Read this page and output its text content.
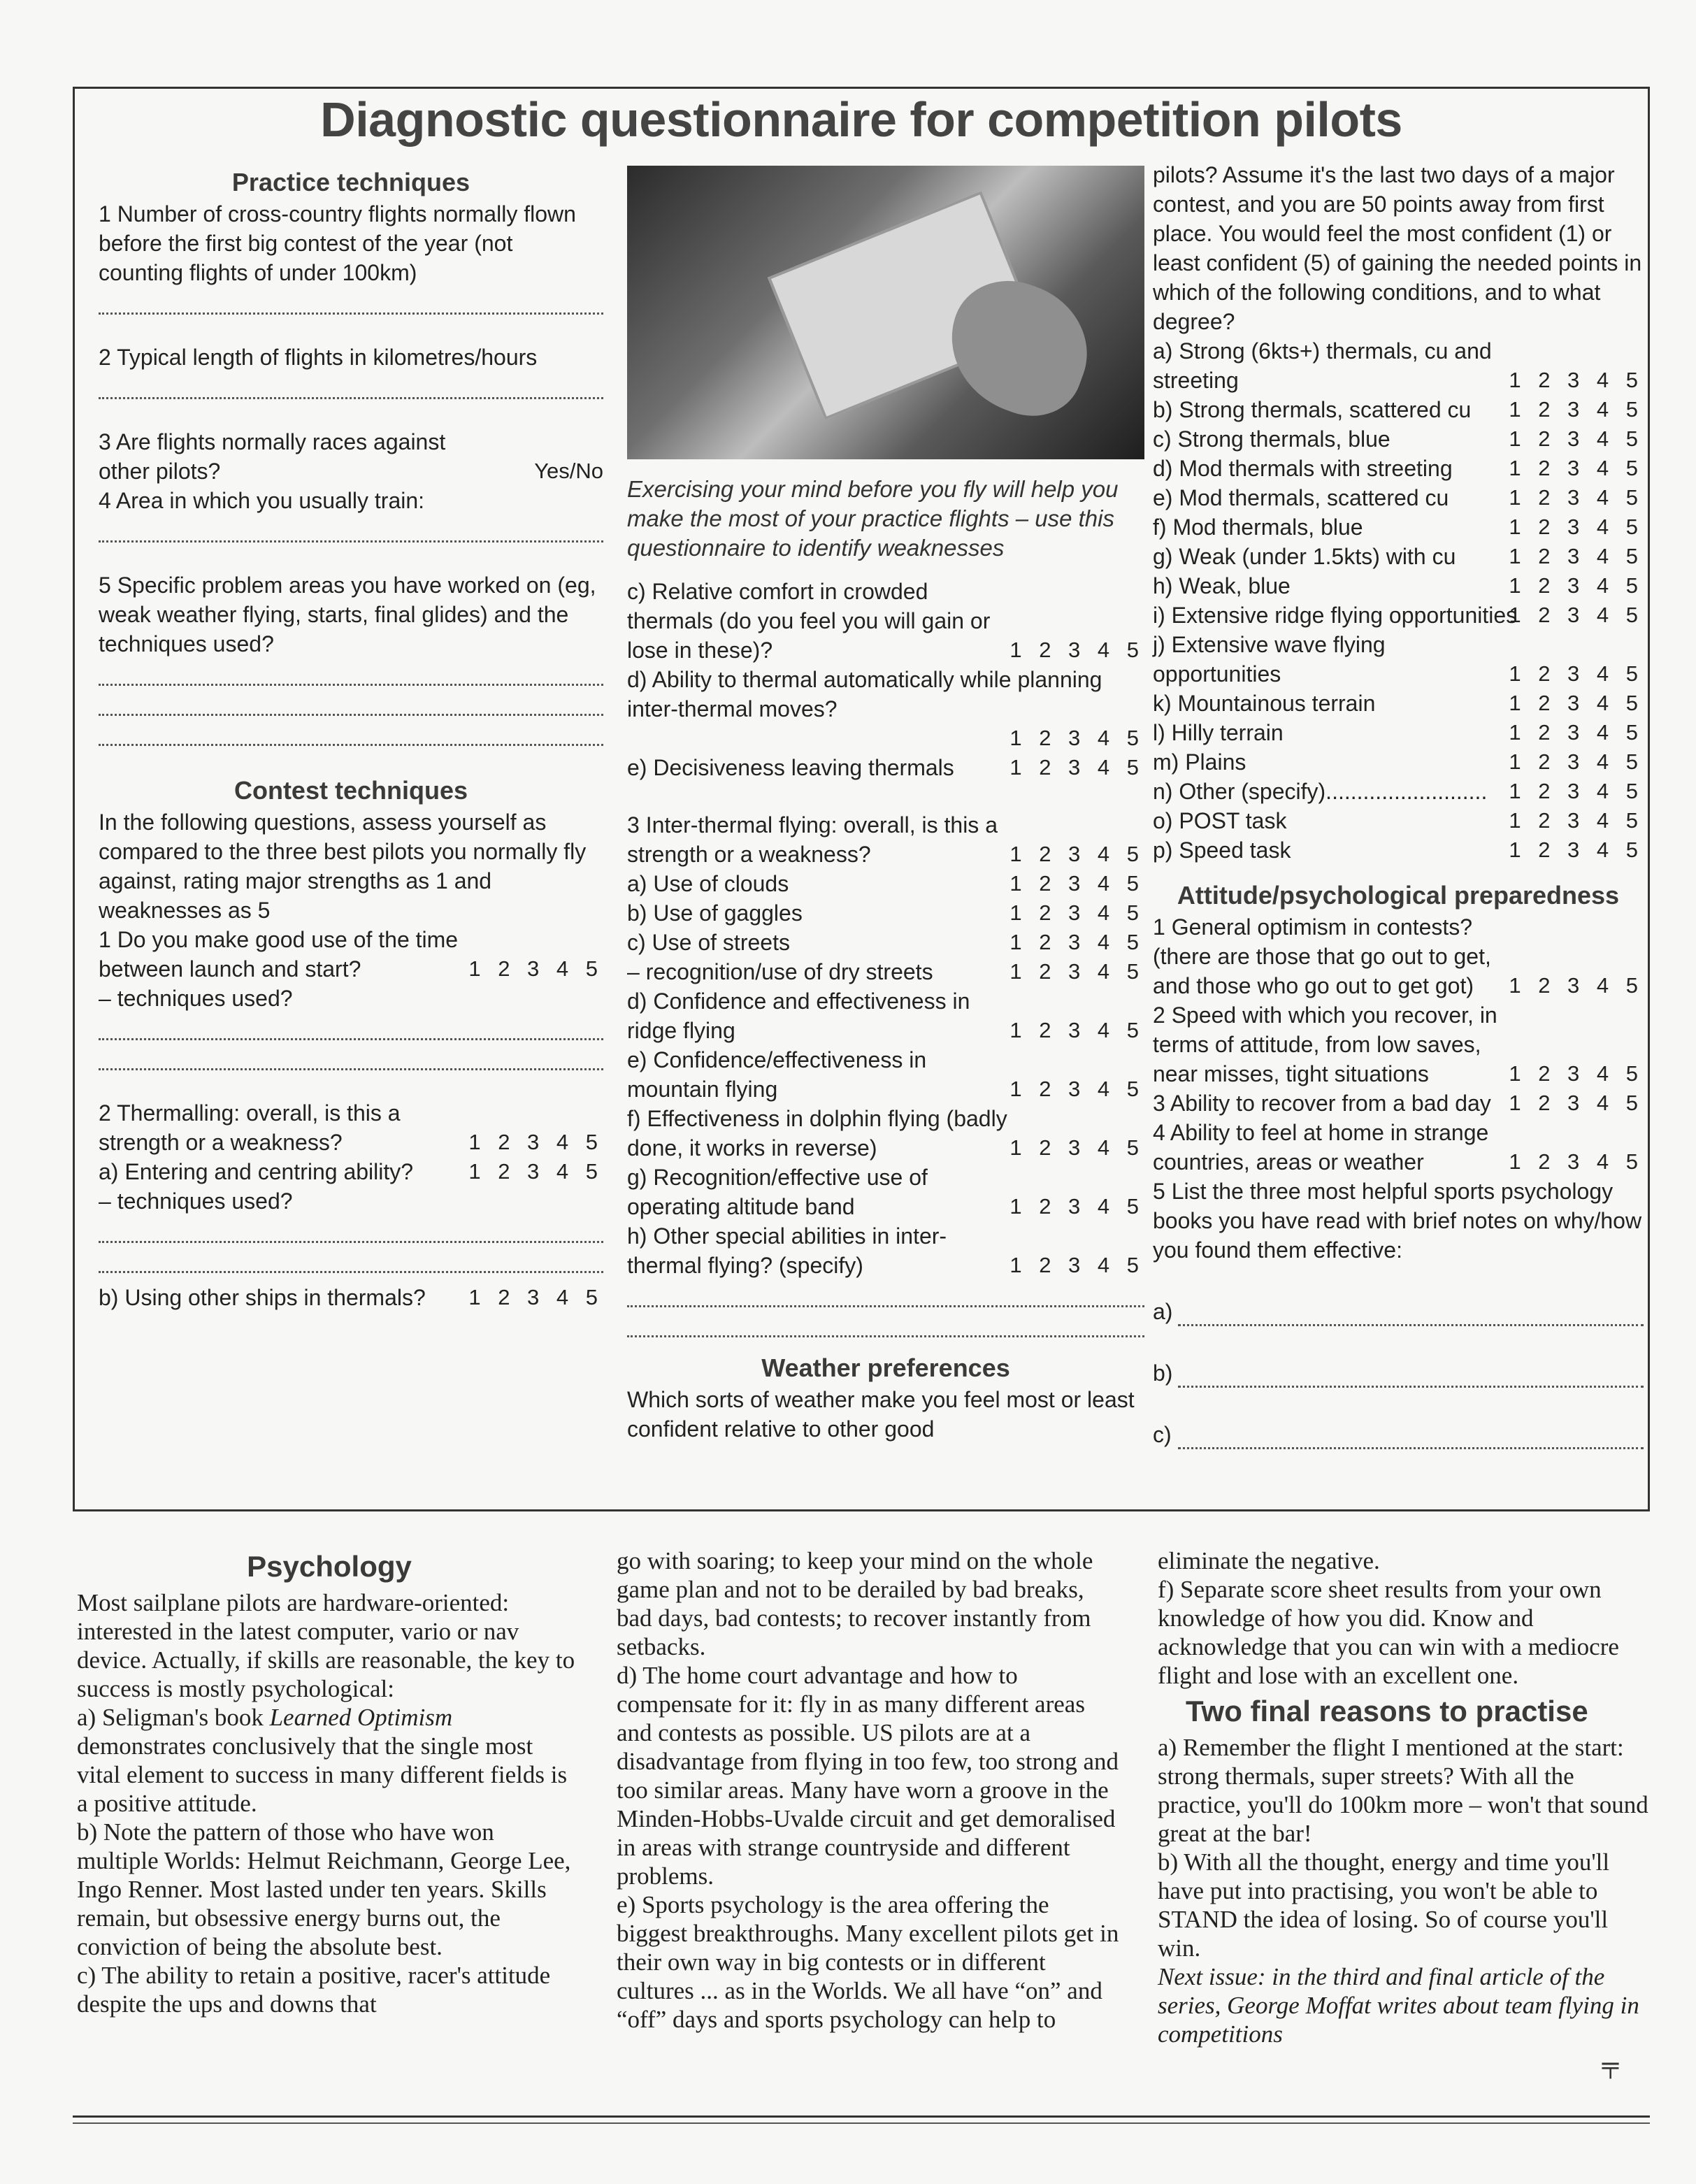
Diagnostic questionnaire for competition pilots
Practice techniques
1 Number of cross-country flights normally flown before the first big contest of the year (not counting flights of under 100km)
2 Typical length of flights in kilometres/hours
3 Are flights normally races against other pilots?	Yes/No
4 Area in which you usually train:
5 Specific problem areas you have worked on (eg, weak weather flying, starts, final glides) and the techniques used?
Contest techniques
In the following questions, assess yourself as compared to the three best pilots you normally fly against, rating major strengths as 1 and weaknesses as 5
1 Do you make good use of the time between launch and start?	1 2 3 4 5
– techniques used?
2 Thermalling: overall, is this a strength or a weakness?	1 2 3 4 5
a) Entering and centring ability?	1 2 3 4 5
– techniques used?
b) Using other ships in thermals? 1 2 3 4 5
Exercising your mind before you fly will help you make the most of your practice flights – use this questionnaire to identify weaknesses
c) Relative comfort in crowded thermals (do you feel you will gain or lose in these)?	1 2 3 4 5
d) Ability to thermal automatically while planning inter-thermal moves?
1 2 3 4 5
e) Decisiveness leaving thermals	1 2 3 4 5
3 Inter-thermal flying: overall, is this a strength or a weakness?	1 2 3 4 5
a) Use of clouds	1 2 3 4 5
b) Use of gaggles	1 2 3 4 5
c) Use of streets	1 2 3 4 5
– recognition/use of dry streets	1 2 3 4 5
d) Confidence and effectiveness in ridge flying	1 2 3 4 5
e) Confidence/effectiveness in mountain flying	1 2 3 4 5
f) Effectiveness in dolphin flying (badly done, it works in reverse)	1 2 3 4 5
g) Recognition/effective use of operating altitude band	1 2 3 4 5
h) Other special abilities in inter-thermal flying? (specify)	1 2 3 4 5
Weather preferences
Which sorts of weather make you feel most or least confident relative to other good
pilots? Assume it's the last two days of a major contest, and you are 50 points away from first place. You would feel the most confident (1) or least confident (5) of gaining the needed points in which of the following conditions, and to what degree?
a) Strong (6kts+) thermals, cu and streeting	1 2 3 4 5
b) Strong thermals, scattered cu 1 2 3 4 5
c) Strong thermals, blue	1 2 3 4 5
d) Mod thermals with streeting	1 2 3 4 5
e) Mod thermals, scattered cu	1 2 3 4 5
f) Mod thermals, blue	1 2 3 4 5
g) Weak (under 1.5kts) with cu 1 2 3 4 5
h) Weak, blue	1 2 3 4 5
i) Extensive ridge flying opportunities
1 2 3 4 5
j) Extensive wave flying opportunities	1 2 3 4 5
k) Mountainous terrain	1 2 3 4 5
l) Hilly terrain	1 2 3 4 5
m) Plains	1 2 3 4 5
n) Other (specify).......................... 1 2 3 4 5
o) POST task	1 2 3 4 5
p) Speed task	1 2 3 4 5
Attitude/psychological preparedness
1 General optimism in contests? (there are those that go out to get, and those who go out to get got) 1 2 3 4 5
2 Speed with which you recover, in terms of attitude, from low saves, near misses, tight situations	1 2 3 4 5
3 Ability to recover from a bad day 1 2 3 4 5
4 Ability to feel at home in strange countries, areas or weather	1 2 3 4 5
5 List the three most helpful sports psychology books you have read with brief notes on why/how you found them effective:
a)
b)
c)
Psychology
Most sailplane pilots are hardware-oriented: interested in the latest computer, vario or nav device. Actually, if skills are reasonable, the key to success is mostly psychological:
a) Seligman's book Learned Optimism demonstrates conclusively that the single most vital element to success in many different fields is a positive attitude.
b) Note the pattern of those who have won multiple Worlds: Helmut Reichmann, George Lee, Ingo Renner. Most lasted under ten years. Skills remain, but obsessive energy burns out, the conviction of being the absolute best.
c) The ability to retain a positive, racer's attitude despite the ups and downs that
go with soaring; to keep your mind on the whole game plan and not to be derailed by bad breaks, bad days, bad contests; to recover instantly from setbacks.
d) The home court advantage and how to compensate for it: fly in as many different areas and contests as possible. US pilots are at a disadvantage from flying in too few, too strong and too similar areas. Many have worn a groove in the Minden-Hobbs-Uvalde circuit and get demoralised in areas with strange countryside and different problems.
e) Sports psychology is the area offering the biggest breakthroughs. Many excellent pilots get in their own way in big contests or in different cultures ... as in the Worlds. We all have “on” and “off” days and sports psychology can help to
eliminate the negative.
f) Separate score sheet results from your own knowledge of how you did. Know and acknowledge that you can win with a mediocre flight and lose with an excellent one.
Two final reasons to practise
a) Remember the flight I mentioned at the start: strong thermals, super streets? With all the practice, you'll do 100km more – won't that sound great at the bar!
b) With all the thought, energy and time you'll have put into practising, you won't be able to STAND the idea of losing. So of course you'll win.
Next issue: in the third and final article of the series, George Moffat writes about team flying in competitions
⫧
